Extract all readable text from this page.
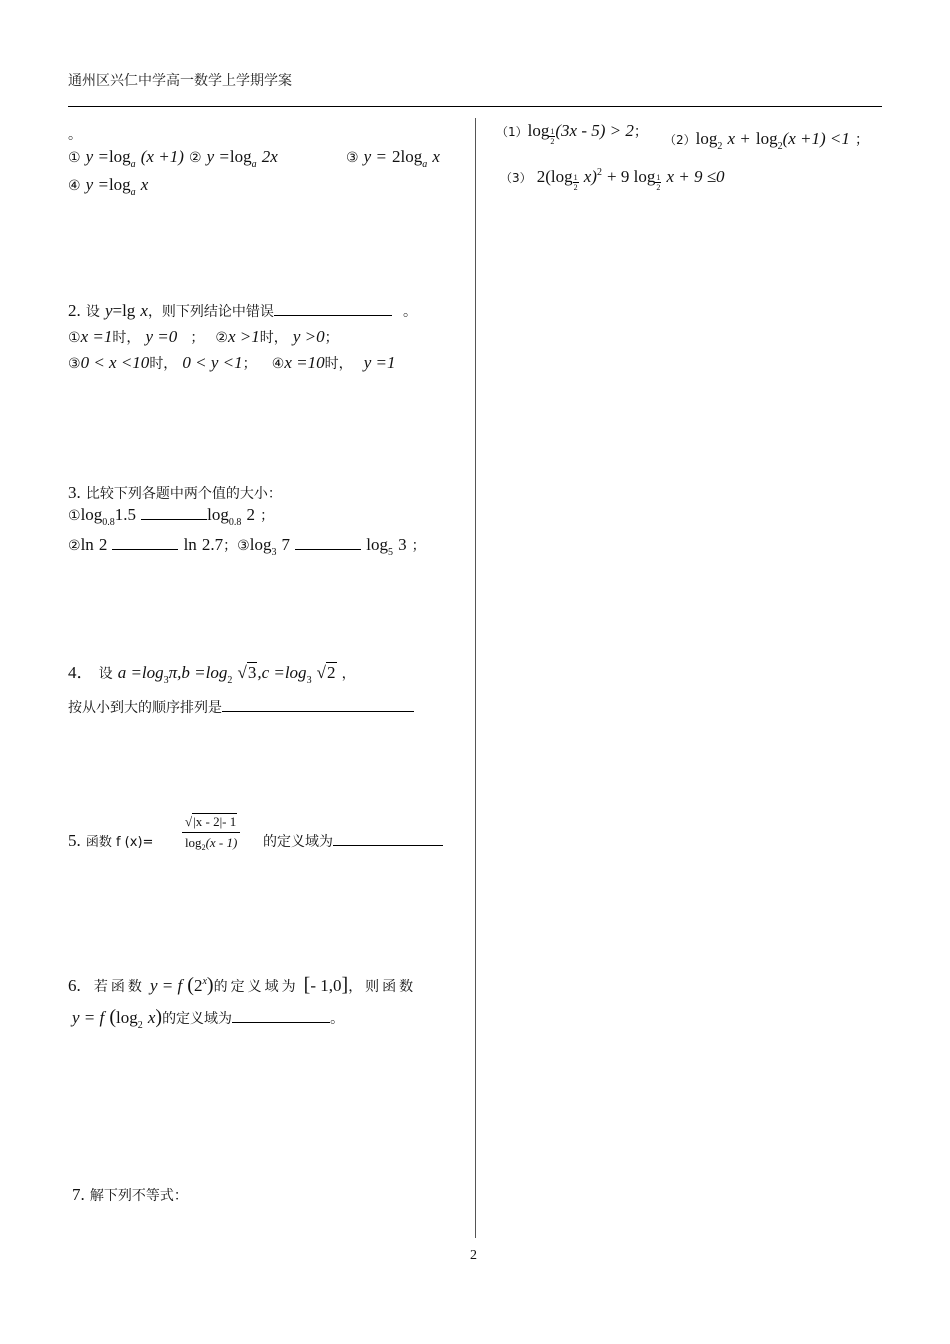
通州区兴仁中学高一数学上学期学案
。
① $y =\log_a$ (x +1) ② $y =\log_a$ 2x	③ $y = 2\log_a$ x
④ $y =\log_a$ x
2. 设 y=lg x，则下列结论中错误	。
①x =1时， y =0 ； ②x >1时， y >0；
③0 < x <10时， 0 < y <1； ④x =10时， y =1
3. 比较下列各题中两个值的大小：
$①\log_{0.8}1.5$	$\log_{0.8} 2$ ；
②ln 2	ln 2.7；$③\log_3$ 7	$\log_5 3$ ；
4． 设 $a =\log_3\pi,b =\log_2$ $√3,c =\log_3$ √2 ，
按从小到大的顺序排列是
5. 函数 f $(x)= \frac{√|x - 2|- 1}{\log_2(x - 1)}$ 的定义域为
6. 若函数 y = f (2$^x$)的定义域为 [- 1,0]，则函数
y = f ($\log_2$ x)的定义域为	。
7. 解下列不等式：
$(1)\log \frac{1}{2} (3x - 5) > 2$； $(2)\log_2$ $x + \log_2(x +1) <1$ ；
（3） $2(\log \frac{1}{2} x)^2 + 9$ $\log \frac{1}{2}$ x + 9 ≤0
2
